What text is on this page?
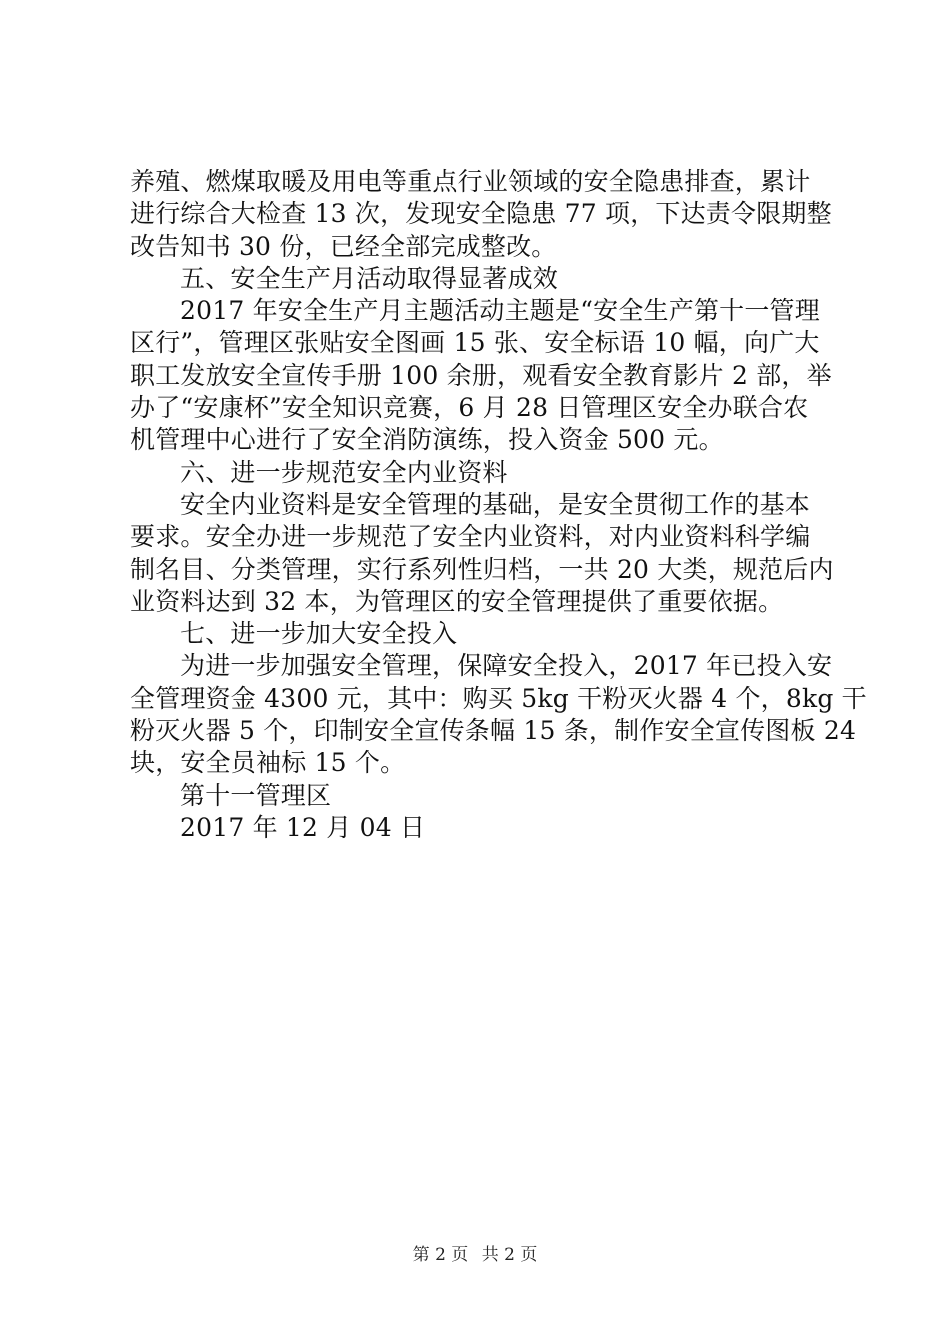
养殖、燃煤取暖及用电等重点行业领域的安全隐患排查，累计
进行综合大检查 13 次，发现安全隐患 77 项，下达责令限期整
改告知书 30 份，已经全部完成整改。
五、安全生产月活动取得显著成效
2017 年安全生产月主题活动主题是“安全生产第十一管理
区行”，管理区张贴安全图画 15 张、安全标语 10 幅，向广大
职工发放安全宣传手册 100 余册，观看安全教育影片 2 部，举
办了“安康杯”安全知识竞赛，6 月 28 日管理区安全办联合农
机管理中心进行了安全消防演练，投入资金 500 元。
六、进一步规范安全内业资料
安全内业资料是安全管理的基础，是安全贯彻工作的基本
要求。安全办进一步规范了安全内业资料，对内业资料科学编
制名目、分类管理，实行系列性归档，一共 20 大类，规范后内
业资料达到 32 本，为管理区的安全管理提供了重要依据。
七、进一步加大安全投入
为进一步加强安全管理，保障安全投入，2017 年已投入安
全管理资金 4300 元，其中：购买 5kg 干粉灭火器 4 个，8kg 干
粉灭火器 5 个，印制安全宣传条幅 15 条，制作安全宣传图板 24
块，安全员袖标 15 个。
第十一管理区
2017 年 12 月 04 日
第 2 页 共 2 页
